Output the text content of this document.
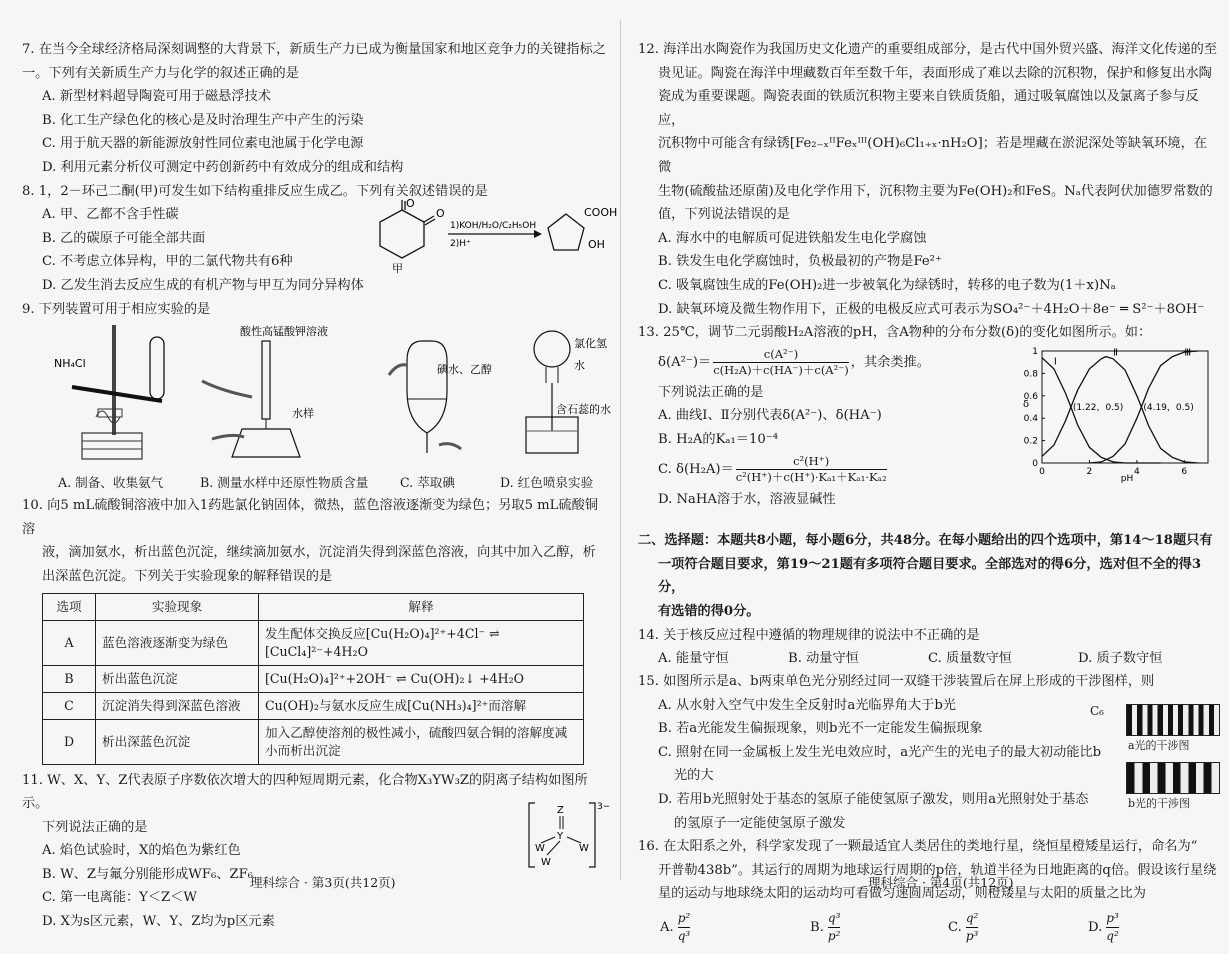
7. 在当今全球经济格局深刻调整的大背景下，新质生产力已成为衡量国家和地区竞争力的关键指标之
一。下列有关新质生产力与化学的叙述正确的是
A. 新型材料超导陶瓷可用于磁悬浮技术
B. 化工生产绿色化的核心是及时治理生产中产生的污染
C. 用于航天器的新能源放射性同位素电池属于化学电源
D. 利用元素分析仪可测定中药创新药中有效成分的组成和结构
8. 1，2－环己二酮(甲)可发生如下结构重排反应生成乙。下列有关叙述错误的是
A. 甲、乙都不含手性碳
B. 乙的碳原子可能全部共面
C. 不考虑立体异构，甲的二氯代物共有6种
D. 乙发生消去反应生成的有机产物与甲互为同分异构体
O
O
甲
1)KOH/H₂O/C₂H₅OH
2)H⁺
COOH
OH
9. 下列装置可用于相应实验的是
NH₄Cl
酸性高锰酸钾溶液
水样
碘水、乙醇
氯化氢
水
含石蕊的水
A. 制备、收集氨气	B. 测量水样中还原性物质含量	C. 萃取碘	D. 红色喷泉实验
10. 向5 mL硫酸铜溶液中加入1药匙氯化钠固体，微热，蓝色溶液逐渐变为绿色；另取5 mL硫酸铜溶
液，滴加氨水，析出蓝色沉淀，继续滴加氨水，沉淀消失得到深蓝色溶液，向其中加入乙醇，析
出深蓝色沉淀。下列关于实验现象的解释错误的是
选项	实验现象	解释
A	蓝色溶液逐渐变为绿色	发生配体交换反应[Cu(H₂O)₄]²⁺+4Cl⁻ ⇌ [CuCl₄]²⁻+4H₂O
B	析出蓝色沉淀	[Cu(H₂O)₄]²⁺+2OH⁻ ⇌ Cu(OH)₂↓ +4H₂O
C	沉淀消失得到深蓝色溶液	Cu(OH)₂与氨水反应生成[Cu(NH₃)₄]²⁺而溶解
D	析出深蓝色沉淀	加入乙醇使溶剂的极性减小，硫酸四氨合铜的溶解度减小而析出沉淀
11. W、X、Y、Z代表原子序数依次增大的四种短周期元素，化合物X₃YW₃Z的阴离子结构如图所示。
下列说法正确的是
A. 焰色试验时，X的焰色为紫红色
B. W、Z与氟分别能形成WF₆、ZF₆
C. 第一电离能：Y＜Z＜W
D. X为s区元素，W、Y、Z均为p区元素
Z
Y
W	W
W
3−
理科综合 · 第3页(共12页)
12. 海洋出水陶瓷作为我国历史文化遗产的重要组成部分，是古代中国外贸兴盛、海洋文化传递的至
贵见证。陶瓷在海洋中埋藏数百年至数千年，表面形成了难以去除的沉积物，保护和修复出水陶
瓷成为重要课题。陶瓷表面的铁质沉积物主要来自铁质货船，通过吸氧腐蚀以及氯离子参与反应，
沉积物中可能含有绿锈[Fe₂₋ₓᴵᴵFeₓᴵᴵᴵ(OH)₆Cl₁₊ₓ·nH₂O]；若是埋藏在淤泥深处等缺氧环境，在微
生物(硫酸盐还原菌)及电化学作用下，沉积物主要为Fe(OH)₂和FeS。Nₐ代表阿伏加德罗常数的
值，下列说法错误的是
A. 海水中的电解质可促进铁船发生电化学腐蚀
B. 铁发生电化学腐蚀时，负极最初的产物是Fe²⁺
C. 吸氧腐蚀生成的Fe(OH)₂进一步被氧化为绿锈时，转移的电子数为(1＋x)Nₐ
D. 缺氧环境及微生物作用下，正极的电极反应式可表示为SO₄²⁻＋4H₂O＋8e⁻ ═ S²⁻＋8OH⁻
13. 25℃，调节二元弱酸H₂A溶液的pH，含A物种的分布分数(δ)的变化如图所示。如：
$\delta(A^{2-})= \frac{\text{c(A²⁻)}}{\text{c(H₂A)＋c(HA⁻)＋c(A²⁻)}}$ ，其余类推。
下列说法正确的是
A. 曲线Ⅰ、Ⅱ分别代表δ(A²⁻)、δ(HA⁻)
B. H₂A的Kₐ₁＝10⁻⁴
C. $\delta(H_2A)= \frac{\text{c²(H⁺)}}{\text{c²(H⁺)＋c(H⁺)·Kₐ₁＋Kₐ₁·Kₐ₂}}$
D. NaHA溶于水，溶液显碱性
0
0.2
0.4
0.6
0.8
1
0	2	4	6
pH
δ
Ⅰ
Ⅱ	Ⅲ
(1.22，0.5) (4.19，0.5)
二、选择题：本题共8小题，每小题6分，共48分。在每小题给出的四个选项中，第14～18题只有
一项符合题目要求，第19～21题有多项符合题目要求。全部选对的得6分，选对但不全的得3分，
有选错的得0分。
14. 关于核反应过程中遵循的物理规律的说法中不正确的是
A. 能量守恒	B. 动量守恒	C. 质量数守恒	D. 质子数守恒
15. 如图所示是a、b两束单色光分别经过同一双缝干涉装置后在屏上形成的干涉图样，则
A. 从水射入空气中发生全反射时a光临界角大于b光
B. 若a光能发生偏振现象，则b光不一定能发生偏振现象
C. 照射在同一金属板上发生光电效应时，a光产生的光电子的最大初动能比b
光的大
D. 若用b光照射处于基态的氢原子能使氢原子激发，则用a光照射处于基态
的氢原子一定能使氢原子激发
C₆
a光的干涉图
b光的干涉图
16. 在太阳系之外，科学家发现了一颗最适宜人类居住的类地行星，绕恒星橙矮星运行，命名为“
开普勒438b”。其运行的周期为地球运行周期的p倍，轨道半径为日地距离的q倍。假设该行星绕
星的运动与地球绕太阳的运动均可看做匀速圆周运动，则橙矮星与太阳的质量之比为
A. $\frac{\text{p²}}{\text{q³}}$	B. $\frac{\text{q³}}{\text{p²}}$	C. $\frac{\text{q²}}{\text{p³}}$	D. $\frac{\text{p³}}{\text{q²}}$
理科综合 · 第4页(共12页)
